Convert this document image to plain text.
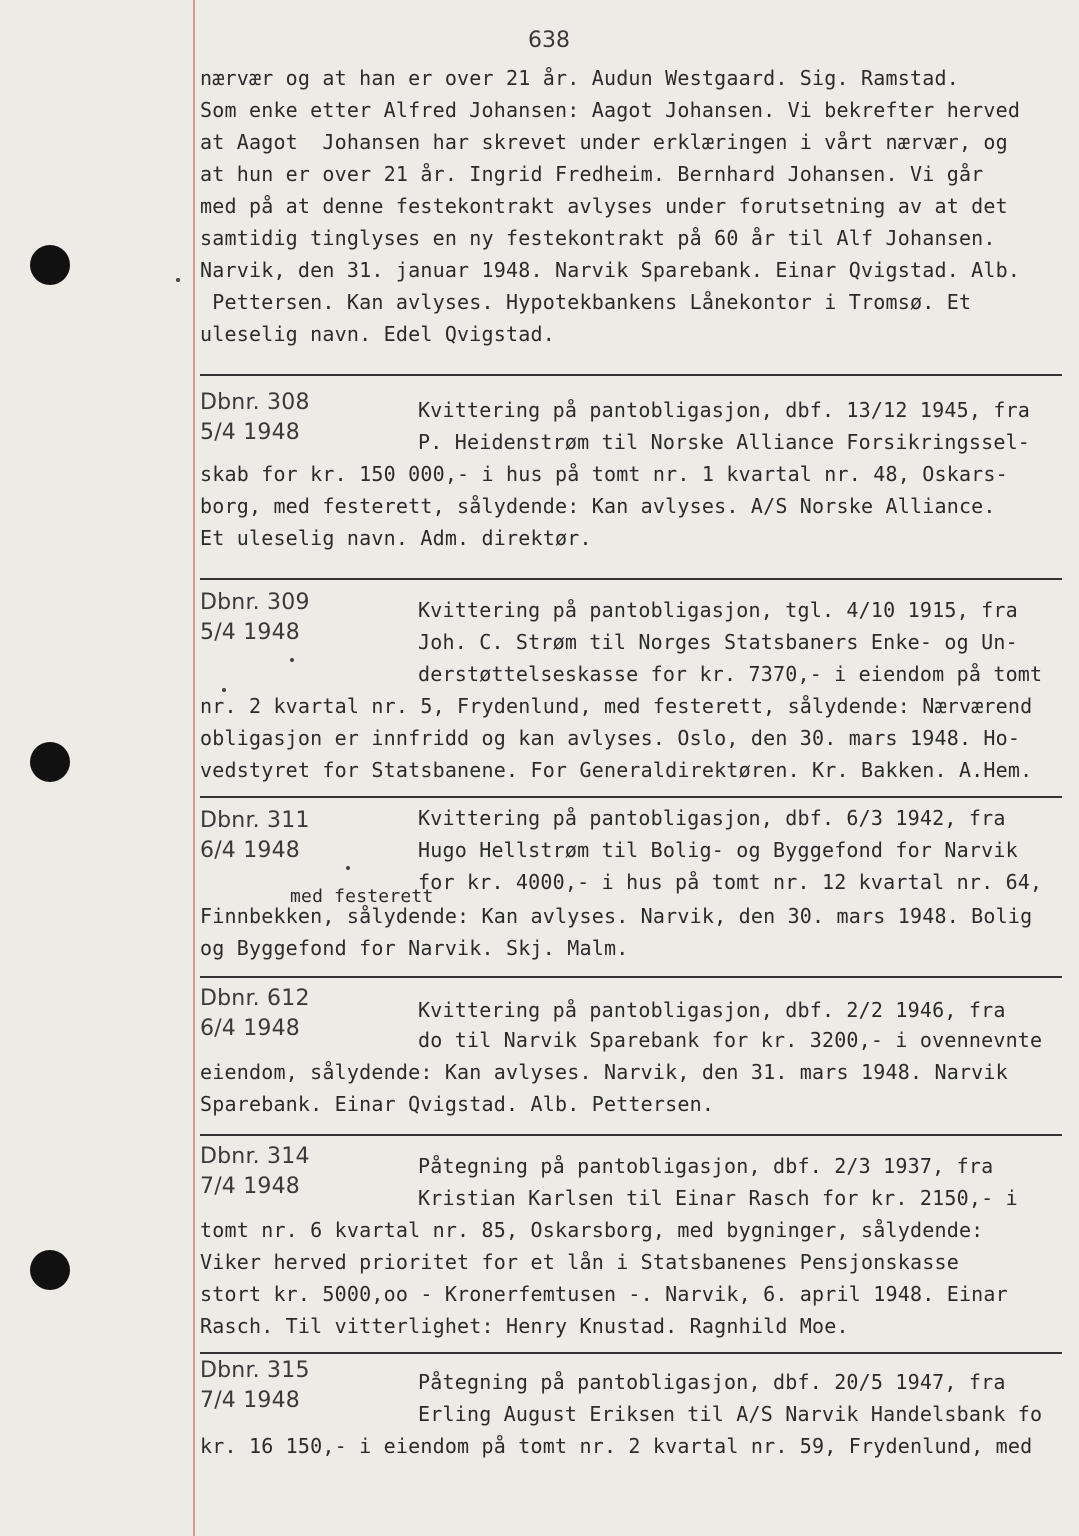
638
nærvær og at han er over 21 år. Audun Westgaard. Sig. Ramstad.
Som enke etter Alfred Johansen: Aagot Johansen. Vi bekrefter herved
at Aagot  Johansen har skrevet under erklæringen i vårt nærvær, og
at hun er over 21 år. Ingrid Fredheim. Bernhard Johansen. Vi går
med på at denne festekontrakt avlyses under forutsetning av at det
samtidig tinglyses en ny festekontrakt på 60 år til Alf Johansen.
Narvik, den 31. januar 1948. Narvik Sparebank. Einar Qvigstad. Alb.
Pettersen. Kan avlyses. Hypotekbankens Lånekontor i Tromsø. Et
uleselig navn. Edel Qvigstad.
Dbnr. 308
5/4 1948
Kvittering på pantobligasjon, dbf. 13/12 1945, fra
P. Heidenstrøm til Norske Alliance Forsikringssel-
skab for kr. 150 000,- i hus på tomt nr. 1 kvartal nr. 48, Oskars-
borg, med festerett, sålydende: Kan avlyses. A/S Norske Alliance.
Et uleselig navn. Adm. direktør.
Dbnr. 309
5/4 1948
Kvittering på pantobligasjon, tgl. 4/10 1915, fra
Joh. C. Strøm til Norges Statsbaners Enke- og Un-
derstøttelseskasse for kr. 7370,- i eiendom på tomt
nr. 2 kvartal nr. 5, Frydenlund, med festerett, sålydende: Nærværend
obligasjon er innfridd og kan avlyses. Oslo, den 30. mars 1948. Ho-
vedstyret for Statsbanene. For Generaldirektøren. Kr. Bakken. A.Hem.
Dbnr. 311
6/4 1948
Kvittering på pantobligasjon, dbf. 6/3 1942, fra
Hugo Hellstrøm til Bolig- og Byggefond for Narvik
for kr. 4000,- i hus på tomt nr. 12 kvartal nr. 64,
med festerett
Finnbekken, sålydende: Kan avlyses. Narvik, den 30. mars 1948. Bolig
og Byggefond for Narvik. Skj. Malm.
Dbnr. 612
6/4 1948
Kvittering på pantobligasjon, dbf. 2/2 1946, fra
do til Narvik Sparebank for kr. 3200,- i ovennevnte
eiendom, sålydende: Kan avlyses. Narvik, den 31. mars 1948. Narvik
Sparebank. Einar Qvigstad. Alb. Pettersen.
Dbnr. 314
7/4 1948
Påtegning på pantobligasjon, dbf. 2/3 1937, fra
Kristian Karlsen til Einar Rasch for kr. 2150,- i
tomt nr. 6 kvartal nr. 85, Oskarsborg, med bygninger, sålydende:
Viker herved prioritet for et lån i Statsbanenes Pensjonskasse
stort kr. 5000,oo - Kronerfemtusen -. Narvik, 6. april 1948. Einar
Rasch. Til vitterlighet: Henry Knustad. Ragnhild Moe.
Dbnr. 315
7/4 1948
Påtegning på pantobligasjon, dbf. 20/5 1947, fra
Erling August Eriksen til A/S Narvik Handelsbank fo
kr. 16 150,- i eiendom på tomt nr. 2 kvartal nr. 59, Frydenlund, med
